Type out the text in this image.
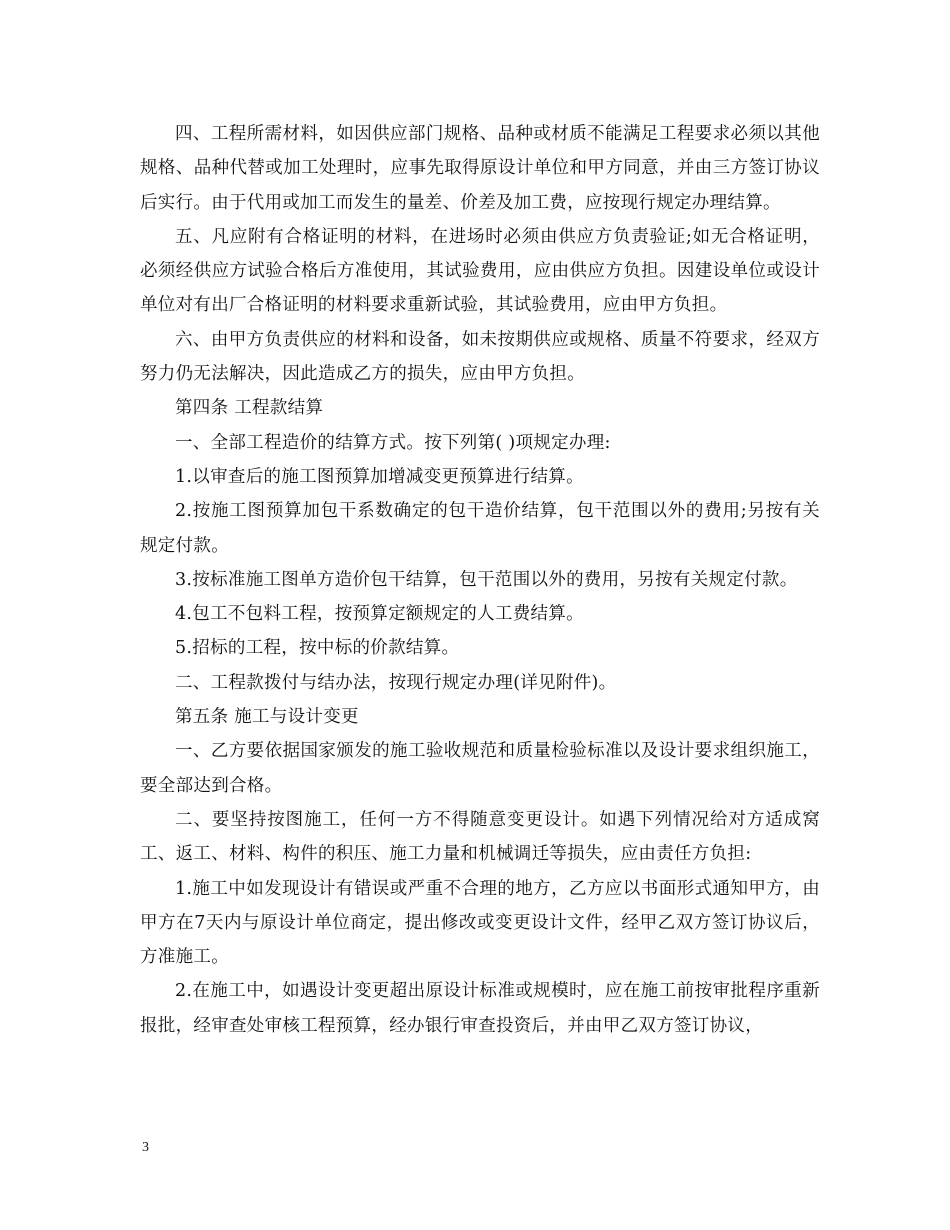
四、工程所需材料，如因供应部门规格、品种或材质不能满足工程要求必须以其他规格、品种代替或加工处理时，应事先取得原设计单位和甲方同意，并由三方签订协议后实行。由于代用或加工而发生的量差、价差及加工费，应按现行规定办理结算。

五、凡应附有合格证明的材料，在进场时必须由供应方负责验证;如无合格证明，必须经供应方试验合格后方准使用，其试验费用，应由供应方负担。因建设单位或设计单位对有出厂合格证明的材料要求重新试验，其试验费用，应由甲方负担。

六、由甲方负责供应的材料和设备，如未按期供应或规格、质量不符要求，经双方努力仍无法解决，因此造成乙方的损失，应由甲方负担。

第四条 工程款结算

一、全部工程造价的结算方式。按下列第( )项规定办理:

1.以审查后的施工图预算加增减变更预算进行结算。

2.按施工图预算加包干系数确定的包干造价结算，包干范围以外的费用;另按有关规定付款。

3.按标准施工图单方造价包干结算，包干范围以外的费用，另按有关规定付款。

4.包工不包料工程，按预算定额规定的人工费结算。

5.招标的工程，按中标的价款结算。

二、工程款拨付与结办法，按现行规定办理(详见附件)。

第五条 施工与设计变更

一、乙方要依据国家颁发的施工验收规范和质量检验标准以及设计要求组织施工，要全部达到合格。

二、要坚持按图施工，任何一方不得随意变更设计。如遇下列情况给对方适成窝工、返工、材料、构件的积压、施工力量和机械调迁等损失，应由责任方负担:

1.施工中如发现设计有错误或严重不合理的地方，乙方应以书面形式通知甲方，由甲方在7天内与原设计单位商定，提出修改或变更设计文件，经甲乙双方签订协议后，方准施工。

2.在施工中，如遇设计变更超出原设计标准或规模时，应在施工前按审批程序重新报批，经审查处审核工程预算，经办银行审查投资后，并由甲乙双方签订协议，

3
